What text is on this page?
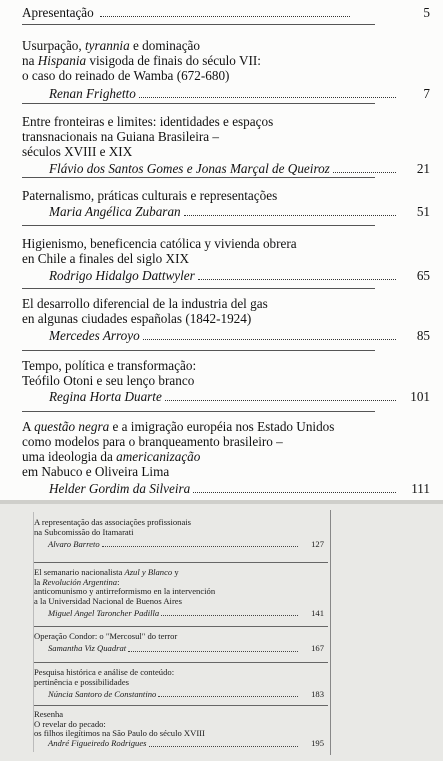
Apresentação	5
Usurpação, tyrannia e dominação
na Hispania visigoda de finais do século VII:
o caso do reinado de Wamba (672-680)
Renan Frighetto	7
Entre fronteiras e limites: identidades e espaços
transnacionais na Guiana Brasileira –
séculos XVIII e XIX
Flávio dos Santos Gomes e Jonas Marçal de Queiroz	21
Paternalismo, práticas culturais e representações
Maria Angélica Zubaran	51
Higienismo, beneficencia católica y vivienda obrera
en Chile a finales del siglo XIX
Rodrigo Hidalgo Dattwyler	65
El desarrollo diferencial de la industria del gas
en algunas ciudades españolas (1842-1924)
Mercedes Arroyo	85
Tempo, política e transformação:
Teófilo Otoni e seu lenço branco
Regina Horta Duarte	101
A questão negra e a imigração européia nos Estado Unidos
como modelos para o branqueamento brasileiro –
uma ideologia da americanização
em Nabuco e Oliveira Lima
Helder Gordim da Silveira	111
A representação das associações profissionais
na Subcomissão do Itamarati
Alvaro Barreto	127
El semanario nacionalista Azul y Blanco y
la Revolución Argentina:
anticomunismo y antirreformismo en la intervención
a la Universidad Nacional de Buenos Aires
Miguel Angel Taroncher Padilla	141
Operação Condor: o "Mercosul" do terror
Samantha Viz Quadrat	167
Pesquisa histórica e análise de conteúdo:
pertinência e possibilidades
Núncia Santoro de Constantino	183
Resenha
O revelar do pecado:
os filhos ilegítimos na São Paulo do século XVIII
André Figueiredo Rodrigues	195
